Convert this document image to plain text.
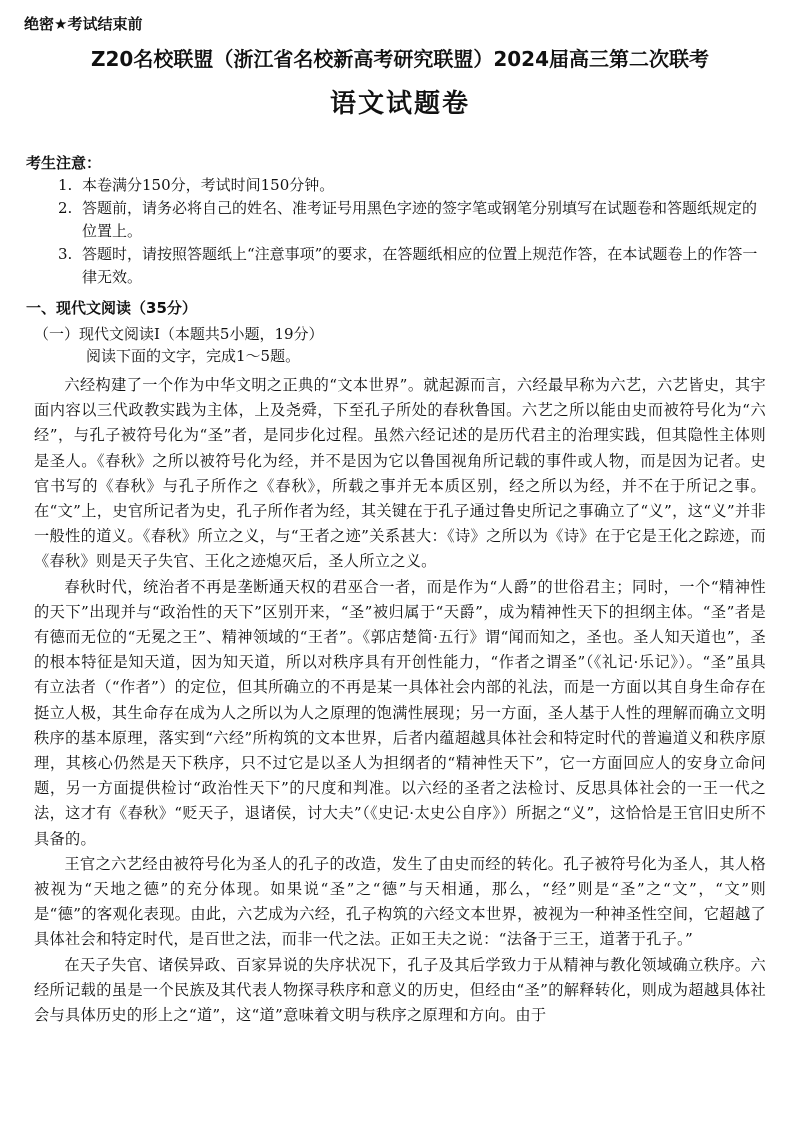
绝密★考试结束前
Z20名校联盟（浙江省名校新高考研究联盟）2024届高三第二次联考
语文试题卷
考生注意：
1. 本卷满分150分，考试时间150分钟。
2. 答题前，请务必将自己的姓名、准考证号用黑色字迹的签字笔或钢笔分别填写在试题卷和答题纸规定的位置上。
3. 答题时，请按照答题纸上“注意事项”的要求，在答题纸相应的位置上规范作答，在本试题卷上的作答一律无效。
一、现代文阅读（35分）
（一）现代文阅读Ⅰ（本题共5小题，19分）
阅读下面的文字，完成1～5题。

六经构建了一个作为中华文明之正典的“文本世界”。就起源而言，六经最早称为六艺，六艺皆史，其宇面内容以三代政教实践为主体，上及尧舜，下至孔子所处的春秋鲁国。六艺之所以能由史而被符号化为“六经”，与孔子被符号化为“圣”者，是同步化过程。虽然六经记述的是历代君主的治理实践，但其隐性主体则是圣人。《春秋》之所以被符号化为经，并不是因为它以鲁国视角所记载的事件或人物，而是因为记者。史官书写的《春秋》与孔子所作之《春秋》，所载之事并无本质区别，经之所以为经，并不在于所记之事。在“文”上，史官所记者为史，孔子所作者为经，其关键在于孔子通过鲁史所记之事确立了“义”，这“义”并非一般性的道义。《春秋》所立之义，与“王者之迹”关系甚大：《诗》之所以为《诗》在于它是王化之踪迹，而《春秋》则是天子失官、王化之迹熄灭后，圣人所立之义。

春秋时代，统治者不再是垄断通天权的君巫合一者，而是作为“人爵”的世俗君主；同时，一个“精神性的天下”出现并与“政治性的天下”区别开来，“圣”被归属于“天爵”，成为精神性天下的担纲主体。“圣”者是有德而无位的“无冕之王”、精神领域的“王者”。《郭店楚简·五行》谓“闻而知之，圣也。圣人知天道也”，圣的根本特征是知天道，因为知天道，所以对秩序具有开创性能力，“作者之谓圣”（《礼记·乐记》）。“圣”虽具有立法者（“作者”）的定位，但其所确立的不再是某一具体社会内部的礼法，而是一方面以其自身生命存在挺立人极，其生命存在成为人之所以为人之原理的饱满性展现；另一方面，圣人基于人性的理解而确立文明秩序的基本原理，落实到“六经”所构筑的文本世界，后者内蕴超越具体社会和特定时代的普遍道义和秩序原理，其核心仍然是天下秩序，只不过它是以圣人为担纲者的“精神性天下”，它一方面回应人的安身立命问题，另一方面提供检讨“政治性天下”的尺度和判准。以六经的圣者之法检讨、反思具体社会的一王一代之法，这才有《春秋》“贬天子，退诸侯，讨大夫”（《史记·太史公自序》）所据之“义”，这恰恰是王官旧史所不具备的。

王官之六艺经由被符号化为圣人的孔子的改造，发生了由史而经的转化。孔子被符号化为圣人，其人格被视为“天地之德”的充分体现。如果说“圣”之“德”与天相通，那么，“经”则是“圣”之“文”，“文”则是“德”的客观化表现。由此，六艺成为六经，孔子构筑的六经文本世界，被视为一种神圣性空间，它超越了具体社会和特定时代，是百世之法，而非一代之法。正如王夫之说：“法备于三王，道著于孔子。”

在天子失官、诸侯异政、百家异说的失序状况下，孔子及其后学致力于从精神与教化领域确立秩序。六经所记载的虽是一个民族及其代表人物探寻秩序和意义的历史，但经由“圣”的解释转化，则成为超越具体社会与具体历史的形上之“道”，这“道”意味着文明与秩序之原理和方向。由于
